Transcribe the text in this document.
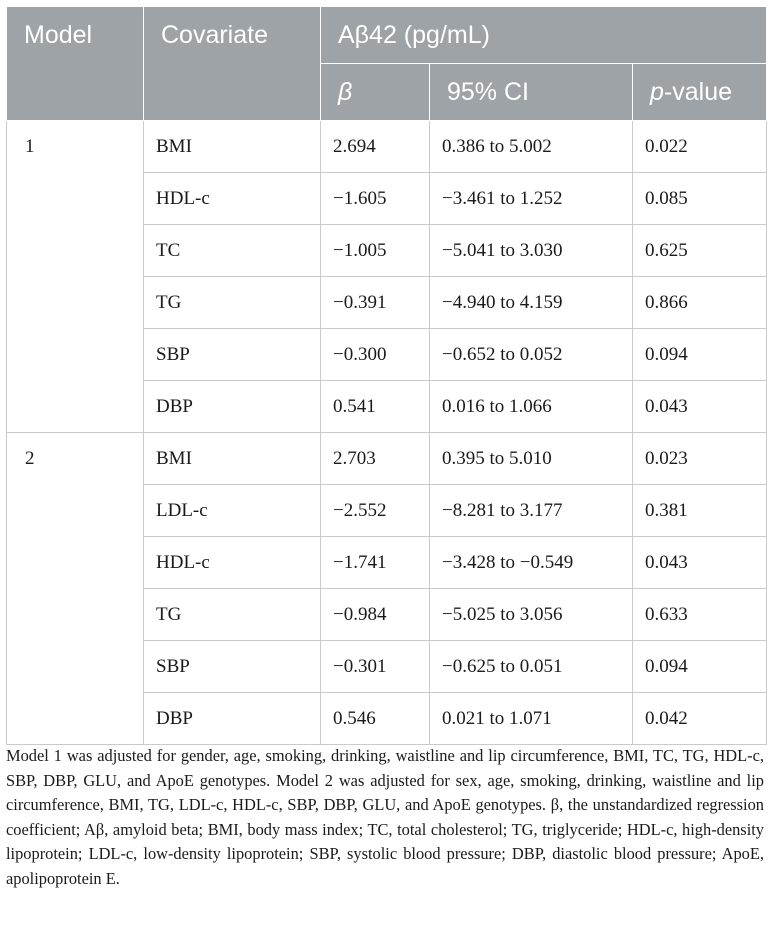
Model	Covariate	Aβ42 (pg/mL)		
		β	95% CI	p-value
1	BMI	2.694	0.386 to 5.002	0.022
	HDL-c	−1.605	−3.461 to 1.252	0.085
	TC	−1.005	−5.041 to 3.030	0.625
	TG	−0.391	−4.940 to 4.159	0.866
	SBP	−0.300	−0.652 to 0.052	0.094
	DBP	0.541	0.016 to 1.066	0.043
2	BMI	2.703	0.395 to 5.010	0.023
	LDL-c	−2.552	−8.281 to 3.177	0.381
	HDL-c	−1.741	−3.428 to −0.549	0.043
	TG	−0.984	−5.025 to 3.056	0.633
	SBP	−0.301	−0.625 to 0.051	0.094
	DBP	0.546	0.021 to 1.071	0.042

Model 1 was adjusted for gender, age, smoking, drinking, waistline and lip circumference, BMI, TC, TG, HDL-c, SBP, DBP, GLU, and ApoE genotypes. Model 2 was adjusted for sex, age, smoking, drinking, waistline and lip circumference, BMI, TG, LDL-c, HDL-c, SBP, DBP, GLU, and ApoE genotypes. β, the unstandardized regression coefficient; Aβ, amyloid beta; BMI, body mass index; TC, total cholesterol; TG, triglyceride; HDL-c, high-density lipoprotein; LDL-c, low-density lipoprotein; SBP, systolic blood pressure; DBP, diastolic blood pressure; ApoE, apolipoprotein E.
